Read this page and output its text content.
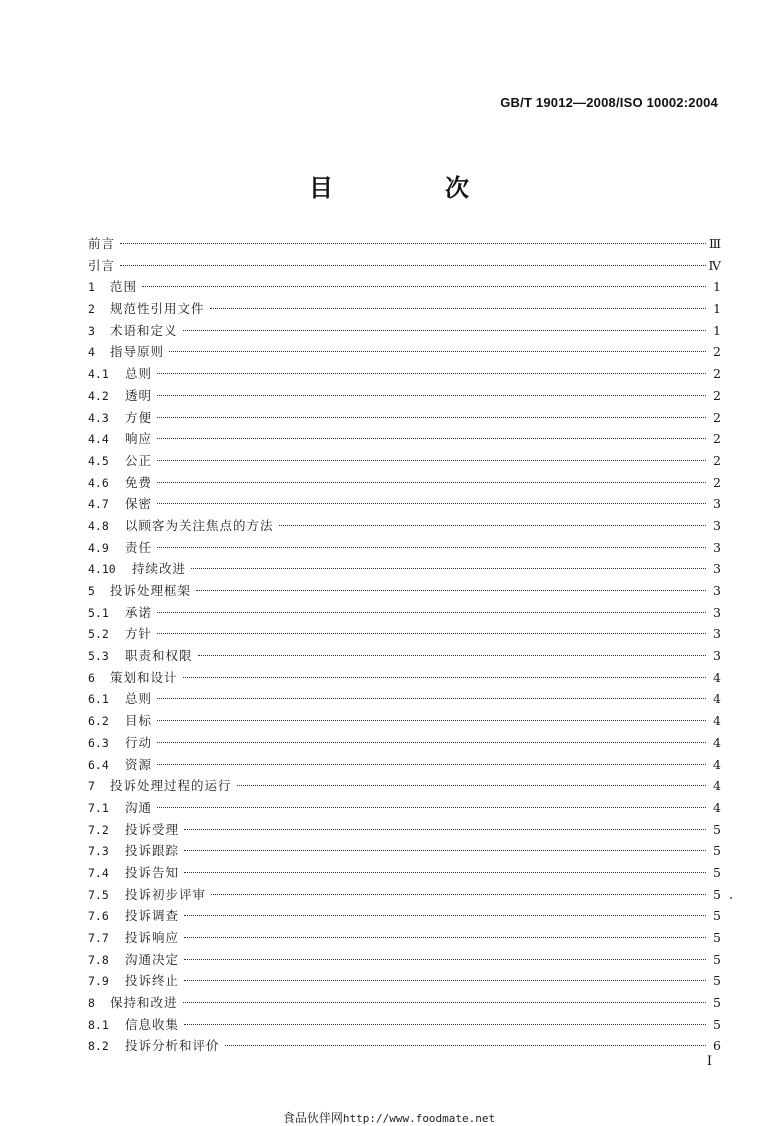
GB/T 19012—2008/ISO 10002:2004
目　次
前言	Ⅲ
引言	Ⅳ
1	范围	1
2	规范性引用文件	1
3	术语和定义	1
4	指导原则	2
4.1	总则	2
4.2	透明	2
4.3	方便	2
4.4	响应	2
4.5	公正	2
4.6	免费	2
4.7	保密	3
4.8	以顾客为关注焦点的方法	3
4.9	责任	3
4.10	持续改进	3
5	投诉处理框架	3
5.1	承诺	3
5.2	方针	3
5.3	职责和权限	3
6	策划和设计	4
6.1	总则	4
6.2	目标	4
6.3	行动	4
6.4	资源	4
7	投诉处理过程的运行	4
7.1	沟通	4
7.2	投诉受理	5
7.3	投诉跟踪	5
7.4	投诉告知	5
7.5	投诉初步评审	5
7.6	投诉调查	5
7.7	投诉响应	5
7.8	沟通决定	5
7.9	投诉终止	5
8	保持和改进	5
8.1	信息收集	5
8.2	投诉分析和评价	6
I
食品伙伴网http://www.foodmate.net
